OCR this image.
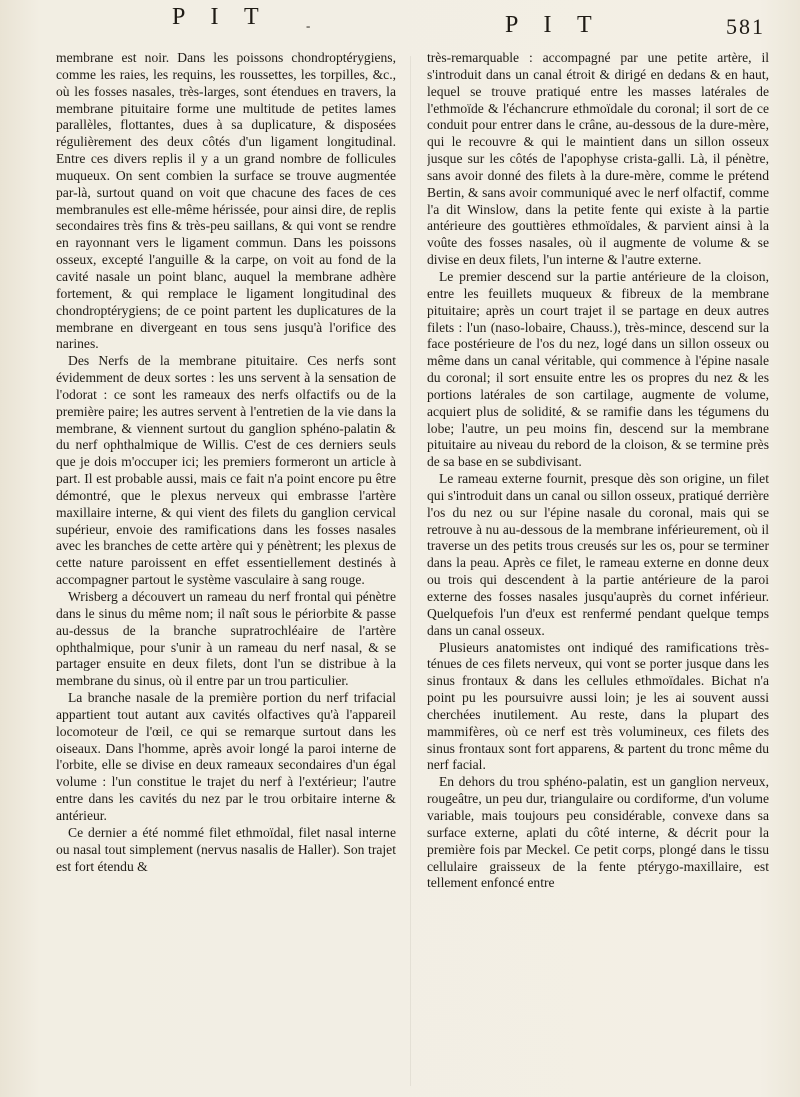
P I T	-	P I T	581

membrane est noir. Dans les poissons chondroptérygiens, comme les raies, les requins, les roussettes, les torpilles, &c., où les fosses nasales, très-larges, sont étendues en travers, la membrane pituitaire forme une multitude de petites lames parallèles, flottantes, dues à sa duplicature, & disposées régulièrement des deux côtés d'un ligament longitudinal. Entre ces divers replis il y a un grand nombre de follicules muqueux. On sent combien la surface se trouve augmentée par-là, surtout quand on voit que chacune des faces de ces membranules est elle-même hérissée, pour ainsi dire, de replis secondaires très fins & très-peu saillans, & qui vont se rendre en rayonnant vers le ligament commun. Dans les poissons osseux, excepté l'anguille & la carpe, on voit au fond de la cavité nasale un point blanc, auquel la membrane adhère fortement, & qui remplace le ligament longitudinal des chondroptérygiens; de ce point partent les duplicatures de la membrane en divergeant en tous sens jusqu'à l'orifice des narines.

Des Nerfs de la membrane pituitaire. Ces nerfs sont évidemment de deux sortes : les uns servent à la sensation de l'odorat : ce sont les rameaux des nerfs olfactifs ou de la première paire; les autres servent à l'entretien de la vie dans la membrane, & viennent surtout du ganglion sphéno-palatin & du nerf ophthalmique de Willis. C'est de ces derniers seuls que je dois m'occuper ici; les premiers formeront un article à part. Il est probable aussi, mais ce fait n'a point encore pu être démontré, que le plexus nerveux qui embrasse l'artère maxillaire interne, & qui vient des filets du ganglion cervical supérieur, envoie des ramifications dans les fosses nasales avec les branches de cette artère qui y pénètrent; les plexus de cette nature paroissent en effet essentiellement destinés à accompagner partout le système vasculaire à sang rouge.

Wrisberg a découvert un rameau du nerf frontal qui pénètre dans le sinus du même nom; il naît sous le périorbite & passe au-dessus de la branche supratrochléaire de l'artère ophthalmique, pour s'unir à un rameau du nerf nasal, & se partager ensuite en deux filets, dont l'un se distribue à la membrane du sinus, où il entre par un trou particulier.

La branche nasale de la première portion du nerf trifacial appartient tout autant aux cavités olfactives qu'à l'appareil locomoteur de l'œil, ce qui se remarque surtout dans les oiseaux. Dans l'homme, après avoir longé la paroi interne de l'orbite, elle se divise en deux rameaux secondaires d'un égal volume : l'un constitue le trajet du nerf à l'extérieur; l'autre entre dans les cavités du nez par le trou orbitaire interne & antérieur.

Ce dernier a été nommé filet ethmoïdal, filet nasal interne ou nasal tout simplement (nervus nasalis de Haller). Son trajet est fort étendu &

très-remarquable : accompagné par une petite artère, il s'introduit dans un canal étroit & dirigé en dedans & en haut, lequel se trouve pratiqué entre les masses latérales de l'ethmoïde & l'échancrure ethmoïdale du coronal; il sort de ce conduit pour entrer dans le crâne, au-dessous de la dure-mère, qui le recouvre & qui le maintient dans un sillon osseux jusque sur les côtés de l'apophyse crista-galli. Là, il pénètre, sans avoir donné des filets à la dure-mère, comme le prétend Bertin, & sans avoir communiqué avec le nerf olfactif, comme l'a dit Winslow, dans la petite fente qui existe à la partie antérieure des gouttières ethmoïdales, & parvient ainsi à la voûte des fosses nasales, où il augmente de volume & se divise en deux filets, l'un interne & l'autre externe.

Le premier descend sur la partie antérieure de la cloison, entre les feuillets muqueux & fibreux de la membrane pituitaire; après un court trajet il se partage en deux autres filets : l'un (naso-lobaire, Chauss.), très-mince, descend sur la face postérieure de l'os du nez, logé dans un sillon osseux ou même dans un canal véritable, qui commence à l'épine nasale du coronal; il sort ensuite entre les os propres du nez & les portions latérales de son cartilage, augmente de volume, acquiert plus de solidité, & se ramifie dans les tégumens du lobe; l'autre, un peu moins fin, descend sur la membrane pituitaire au niveau du rebord de la cloison, & se termine près de sa base en se subdivisant.

Le rameau externe fournit, presque dès son origine, un filet qui s'introduit dans un canal ou sillon osseux, pratiqué derrière l'os du nez ou sur l'épine nasale du coronal, mais qui se retrouve à nu au-dessous de la membrane inférieurement, où il traverse un des petits trous creusés sur les os, pour se terminer dans la peau. Après ce filet, le rameau externe en donne deux ou trois qui descendent à la partie antérieure de la paroi externe des fosses nasales jusqu'auprès du cornet inférieur. Quelquefois l'un d'eux est renfermé pendant quelque temps dans un canal osseux.

Plusieurs anatomistes ont indiqué des ramifications très-ténues de ces filets nerveux, qui vont se porter jusque dans les sinus frontaux & dans les cellules ethmoïdales. Bichat n'a point pu les poursuivre aussi loin; je les ai souvent aussi cherchées inutilement. Au reste, dans la plupart des mammifères, où ce nerf est très volumineux, ces filets des sinus frontaux sont fort apparens, & partent du tronc même du nerf facial.

En dehors du trou sphéno-palatin, est un ganglion nerveux, rougeâtre, un peu dur, triangulaire ou cordiforme, d'un volume variable, mais toujours peu considérable, convexe dans sa surface externe, aplati du côté interne, & décrit pour la première fois par Meckel. Ce petit corps, plongé dans le tissu cellulaire graisseux de la fente ptérygo-maxillaire, est tellement enfoncé entre
